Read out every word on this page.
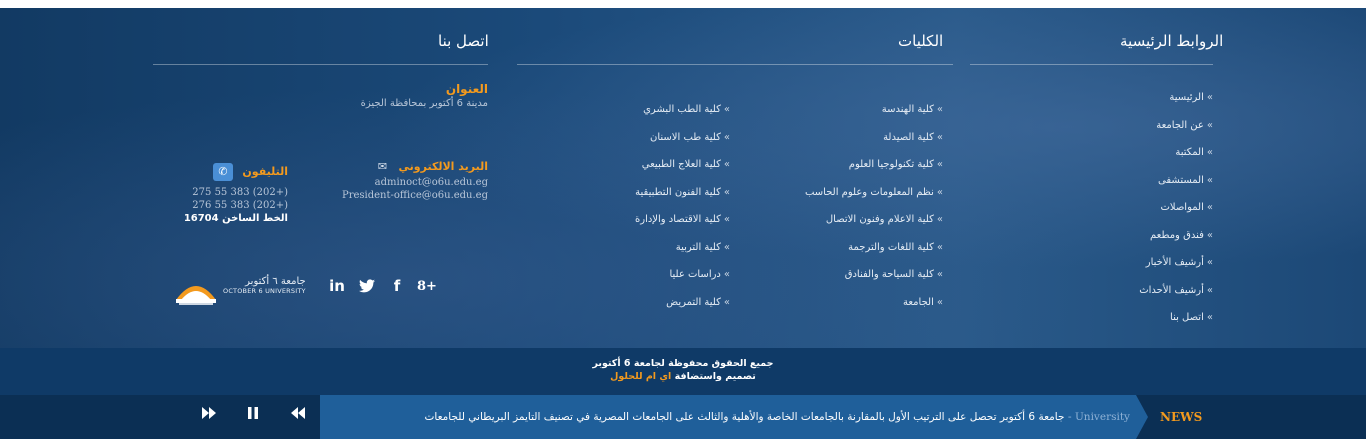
الروابط الرئيسية
»الرئيسية
»عن الجامعة
»المكتبة
»المستشفى
»المواصلات
»فندق ومطعم
»أرشيف الأخبار
»أرشيف الأحداث
»اتصل بنا
الكليات
»كلية الهندسة
»كلية الصيدلة
»كلية تكنولوجيا العلوم
»نظم المعلومات وعلوم الحاسب
»كلية الاعلام وفنون الاتصال
»كلية اللغات والترجمة
»كلية السياحة والفنادق
»الجامعة
»كلية الطب البشري
»كلية طب الاسنان
»كلية العلاج الطبيعي
»كلية الفنون التطبيقية
»كلية الاقتصاد والإدارة
»كلية التربية
»دراسات عليا
»كلية التمريض
اتصل بنا
العنوان
مدينة 6 أكتوبر بمحافظة الجيزة
البريد الالكتروني ✉
adminoct@o6u.edu.eg
President-office@o6u.edu.eg
التليفون ✆
275 55 383 (202+)
276 55 383 (202+)
الخط الساخن 16704
in	f	8+
جامعة ٦ أكتوبر
OCTOBER 6 UNIVERSITY
جميع الحقوق محفوظة لجامعة 6 أكتوبر
تصميم واستضافة اي ام للحلول
University - جامعة 6 أكتوبر تحصل على الترتيب الأول بالمقارنة بالجامعات الخاصة والأهلية والثالث على الجامعات المصرية في تصنيف التايمز البريطاني للجامعات	NEWS
